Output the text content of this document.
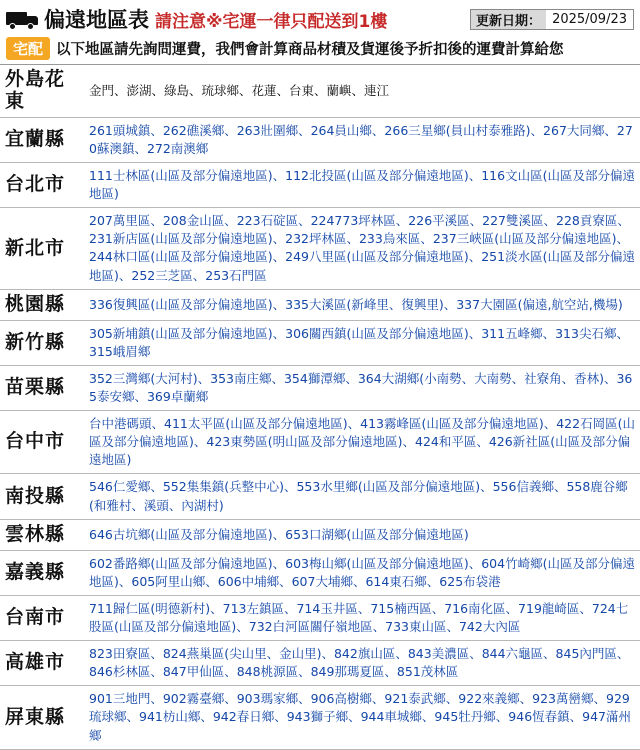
偏遠地區表 請注意※宅運一律只配送到1樓	更新日期： 2025/09/23
宅配 以下地區請先詢問運費，我們會計算商品材積及貨運後予折扣後的運費計算給您
外島花東	金門、澎湖、綠島、琉球鄉、花蓮、台東、蘭嶼、連江
宜蘭縣	261頭城鎮、262礁溪鄉、263壯圍鄉、264員山鄉、266三星鄉(員山村泰雅路)、267大同鄉、270蘇澳鎮、272南澳鄉
台北市	111士林區(山區及部分偏遠地區)、112北投區(山區及部分偏遠地區)、116文山區(山區及部分偏遠地區)
新北市	207萬里區、208金山區、223石碇區、224773坪林區、226平溪區、227雙溪區、228貢寮區、231新店區(山區及部分偏遠地區)、232坪林區、233烏來區、237三峽區(山區及部分偏遠地區)、244林口區(山區及部分偏遠地區)、249八里區(山區及部分偏遠地區)、251淡水區(山區及部分偏遠地區)、252三芝區、253石門區
桃園縣	336復興區(山區及部分偏遠地區)、335大溪區(新峰里、復興里)、337大園區(偏遠,航空站,機場)
新竹縣	305新埔鎮(山區及部分偏遠地區)、306關西鎮(山區及部分偏遠地區)、311五峰鄉、313尖石鄉、315峨眉鄉
苗栗縣	352三灣鄉(大河村)、353南庄鄉、354獅潭鄉、364大湖鄉(小南勢、大南勢、社寮角、香林)、365泰安鄉、369卓蘭鄉
台中市	台中港碼頭、411太平區(山區及部分偏遠地區)、413霧峰區(山區及部分偏遠地區)、422石岡區(山區及部分偏遠地區)、423東勢區(明山區及部分偏遠地區)、424和平區、426新社區(山區及部分偏遠地區)
南投縣	546仁愛鄉、552集集鎮(兵整中心)、553水里鄉(山區及部分偏遠地區)、556信義鄉、558鹿谷鄉(和雅村、溪頭、內湖村)
雲林縣	646古坑鄉(山區及部分偏遠地區)、653口湖鄉(山區及部分偏遠地區)
嘉義縣	602番路鄉(山區及部分偏遠地區)、603梅山鄉(山區及部分偏遠地區)、604竹崎鄉(山區及部分偏遠地區)、605阿里山鄉、606中埔鄉、607大埔鄉、614東石鄉、625布袋港
台南市	711歸仁區(明德新村)、713左鎮區、714玉井區、715楠西區、716南化區、719龍崎區、724七股區(山區及部分偏遠地區)、732白河區關仔嶺地區、733東山區、742大內區
高雄市	823田寮區、824燕巢區(尖山里、金山里)、842旗山區、843美濃區、844六龜區、845內門區、846杉林區、847甲仙區、848桃源區、849那瑪夏區、851茂林區
屏東縣	901三地門、902霧臺鄉、903瑪家鄉、906高樹鄉、921泰武鄉、922來義鄉、923萬巒鄉、929琉球鄉、941枋山鄉、942春日鄉、943獅子鄉、944車城鄉、945牡丹鄉、946恆春鎮、947滿州鄉
